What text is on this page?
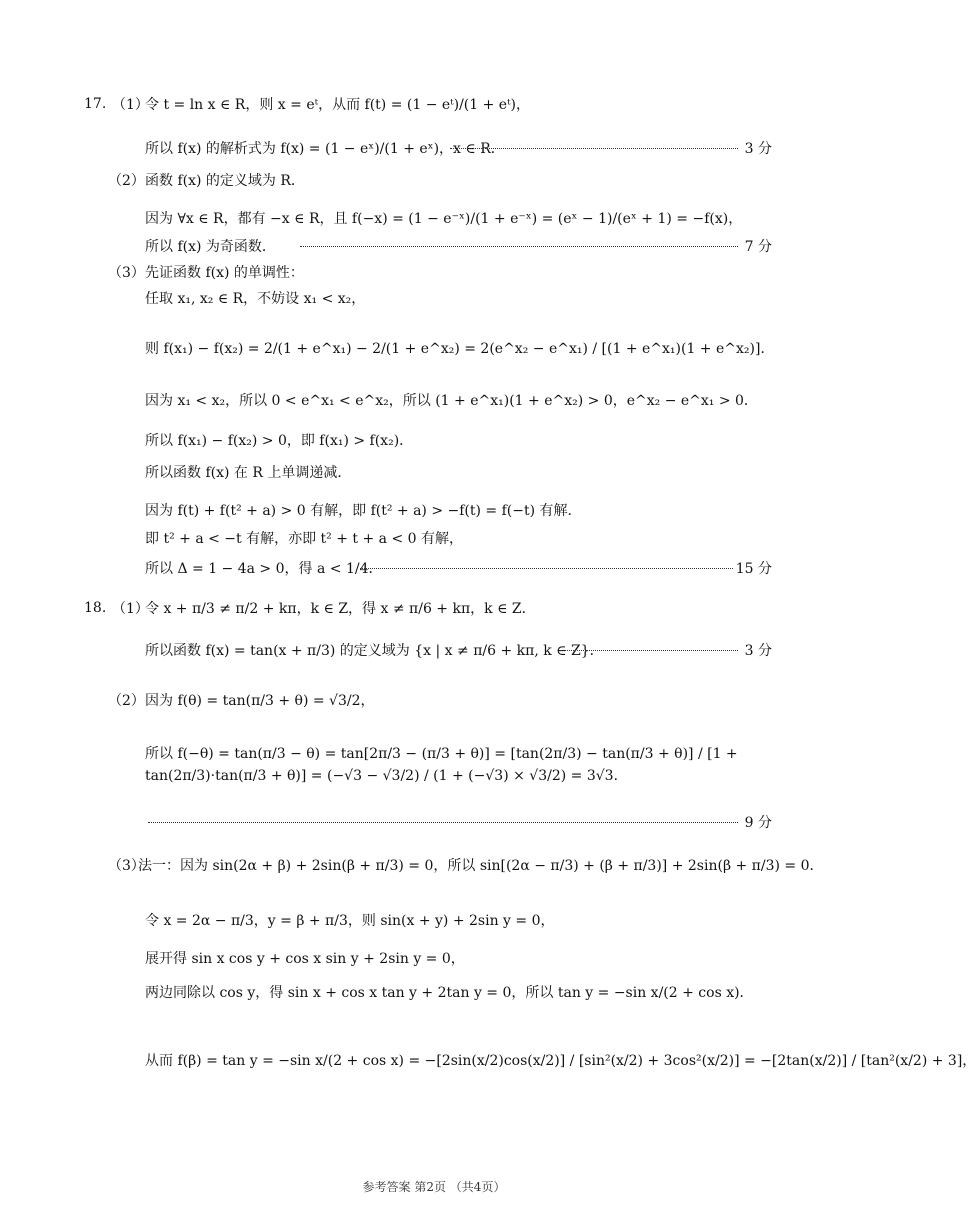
17. （1）
令 t = ln x ∈ R，则 x = eᵗ，从而 f(t) = (1 − eᵗ)/(1 + eᵗ)，
所以 f(x) 的解析式为 f(x) = (1 − eˣ)/(1 + eˣ)，x ∈ R．	3 分
（2） 函数 f(x) 的定义域为 R．
因为 ∀x ∈ R，都有 −x ∈ R，且 f(−x) = (1 − e⁻ˣ)/(1 + e⁻ˣ) = (eˣ − 1)/(eˣ + 1) = −f(x)，
所以 f(x) 为奇函数．	7 分
（3） 先证函数 f(x) 的单调性：
任取 x₁, x₂ ∈ R，不妨设 x₁ < x₂，
则 f(x₁) − f(x₂) = 2/(1 + e^x₁) − 2/(1 + e^x₂) = 2(e^x₂ − e^x₁) / [(1 + e^x₁)(1 + e^x₂)]．
因为 x₁ < x₂，所以 0 < e^x₁ < e^x₂，所以 (1 + e^x₁)(1 + e^x₂) > 0，e^x₂ − e^x₁ > 0．
所以 f(x₁) − f(x₂) > 0，即 f(x₁) > f(x₂)．
所以函数 f(x) 在 R 上单调递减．
因为 f(t) + f(t² + a) > 0 有解，即 f(t² + a) > −f(t) = f(−t) 有解．
即 t² + a < −t 有解，亦即 t² + t + a < 0 有解，
所以 Δ = 1 − 4a > 0，得 a < 1/4．	15 分
18. （1）
令 x + π/3 ≠ π/2 + kπ，k ∈ Z，得 x ≠ π/6 + kπ，k ∈ Z．
所以函数 f(x) = tan(x + π/3) 的定义域为 {x | x ≠ π/6 + kπ, k ∈ Z}．	3 分
（2） 因为 f(θ) = tan(π/3 + θ) = √3/2，
所以 f(−θ) = tan(π/3 − θ) = tan[2π/3 − (π/3 + θ)] = [tan(2π/3) − tan(π/3 + θ)] / [1 + tan(2π/3)·tan(π/3 + θ)] = (−√3 − √3/2) / (1 + (−√3) × √3/2) = 3√3．
9 分
（3）
法一：因为 sin(2α + β) + 2sin(β + π/3) = 0，所以 sin[(2α − π/3) + (β + π/3)] + 2sin(β + π/3) = 0．
令 x = 2α − π/3，y = β + π/3，则 sin(x + y) + 2sin y = 0，
展开得 sin x cos y + cos x sin y + 2sin y = 0，
两边同除以 cos y，得 sin x + cos x tan y + 2tan y = 0，所以 tan y = −sin x/(2 + cos x)．
从而 f(β) = tan y = −sin x/(2 + cos x) = −[2sin(x/2)cos(x/2)] / [sin²(x/2) + 3cos²(x/2)] = −[2tan(x/2)] / [tan²(x/2) + 3]，
参考答案 第2页 （共4页）
